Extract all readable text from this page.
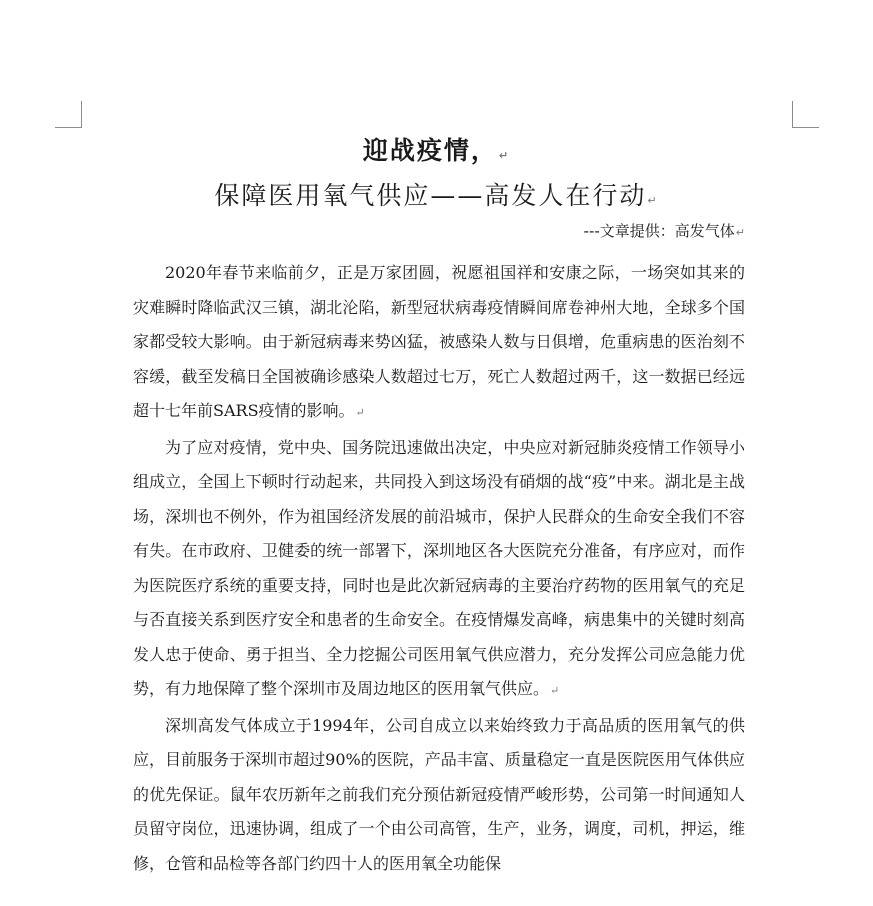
迎战疫情，↵
保障医用氧气供应——高发人在行动↵
---文章提供：高发气体↵

2020年春节来临前夕，正是万家团圆，祝愿祖国祥和安康之际，一场突如其来的灾难瞬时降临武汉三镇，湖北沦陷，新型冠状病毒疫情瞬间席卷神州大地，全球多个国家都受较大影响。由于新冠病毒来势凶猛，被感染人数与日俱增，危重病患的医治刻不容缓，截至发稿日全国被确诊感染人数超过七万，死亡人数超过两千，这一数据已经远超十七年前SARS疫情的影响。↵

为了应对疫情，党中央、国务院迅速做出决定，中央应对新冠肺炎疫情工作领导小组成立，全国上下顿时行动起来，共同投入到这场没有硝烟的战“疫”中来。湖北是主战场，深圳也不例外，作为祖国经济发展的前沿城市，保护人民群众的生命安全我们不容有失。在市政府、卫健委的统一部署下，深圳地区各大医院充分准备，有序应对，而作为医院医疗系统的重要支持，同时也是此次新冠病毒的主要治疗药物的医用氧气的充足与否直接关系到医疗安全和患者的生命安全。在疫情爆发高峰，病患集中的关键时刻高发人忠于使命、勇于担当、全力挖掘公司医用氧气供应潜力，充分发挥公司应急能力优势，有力地保障了整个深圳市及周边地区的医用氧气供应。↵

深圳高发气体成立于1994年，公司自成立以来始终致力于高品质的医用氧气的供应，目前服务于深圳市超过90%的医院，产品丰富、质量稳定一直是医院医用气体供应的优先保证。鼠年农历新年之前我们充分预估新冠疫情严峻形势，公司第一时间通知人员留守岗位，迅速协调，组成了一个由公司高管，生产，业务，调度，司机，押运，维修，仓管和品检等各部门约四十人的医用氧全功能保
